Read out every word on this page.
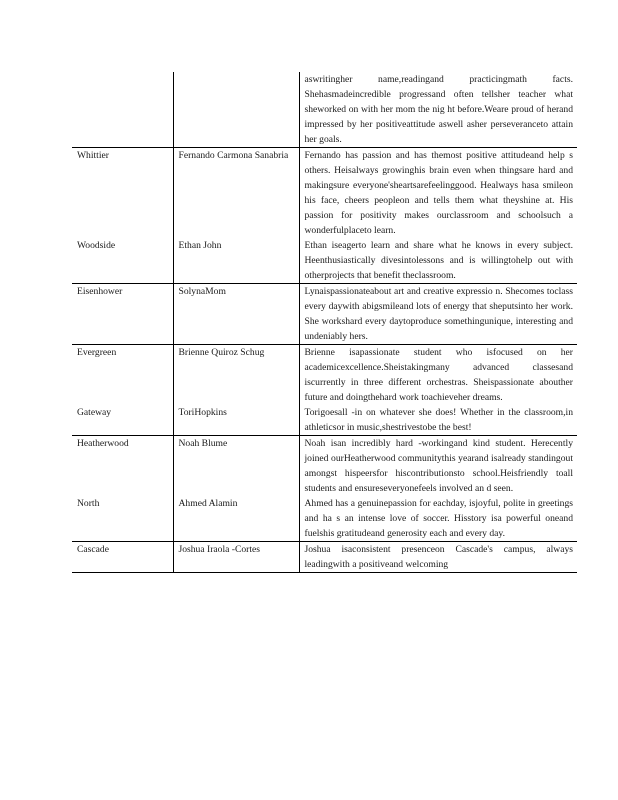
		aswritingher name,readingand practicingmath facts. Shehasmadeincredible progressand often tellsher teacher what sheworked on with her mom the nig ht before.Weare proud of herand impressed by her positiveattitude aswell asher perseveranceto attain her goals.
Whittier	Fernando Carmona Sanabria	Fernando has passion and has themost positive attitudeand help s others. Heisalways growinghis brain even when thingsare hard and makingsure everyone'sheartsarefeelinggood. Healways hasa smileon his face, cheers peopleon and tells them what theyshine at. His passion for positivity makes ourclassroom and schoolsuch a wonderfulplaceto learn.
Woodside	Ethan John	Ethan iseagerto learn and share what he knows in every subject. Heenthusiastically divesintolessons and is willingtohelp out with otherprojects that benefit theclassroom.
Eisenhower	SolynaMom	Lynaispassionateabout art and creative expressio n. Shecomes toclass every daywith abigsmileand lots of energy that sheputsinto her work. She workshard every daytoproduce somethingunique, interesting and undeniably hers.
Evergreen	Brienne Quiroz Schug	Brienne isapassionate student who isfocused on her academicexcellence.Sheistakingmany advanced classesand iscurrently in three different orchestras. Sheispassionate abouther future and doingthehard work toachieveher dreams.
Gateway	ToriHopkins	Torigoesall -in on whatever she does! Whether in the classroom,in athleticsor in music,shestrivestobe the best!
Heatherwood	Noah Blume	Noah isan incredibly hard -workingand kind student. Herecently joined ourHeatherwood communitythis yearand isalready standingout amongst hispeersfor hiscontributionsto school.Heisfriendly toall students and ensureseveryonefeels involved an d seen.
North	Ahmed Alamin	Ahmed has a genuinepassion for eachday, isjoyful, polite in greetings and ha s an intense love of soccer. Hisstory isa powerful oneand fuelshis gratitudeand generosity each and every day.
Cascade	Joshua Iraola -Cortes	Joshua isaconsistent presenceon Cascade's campus, always leadingwith a positiveand welcoming
